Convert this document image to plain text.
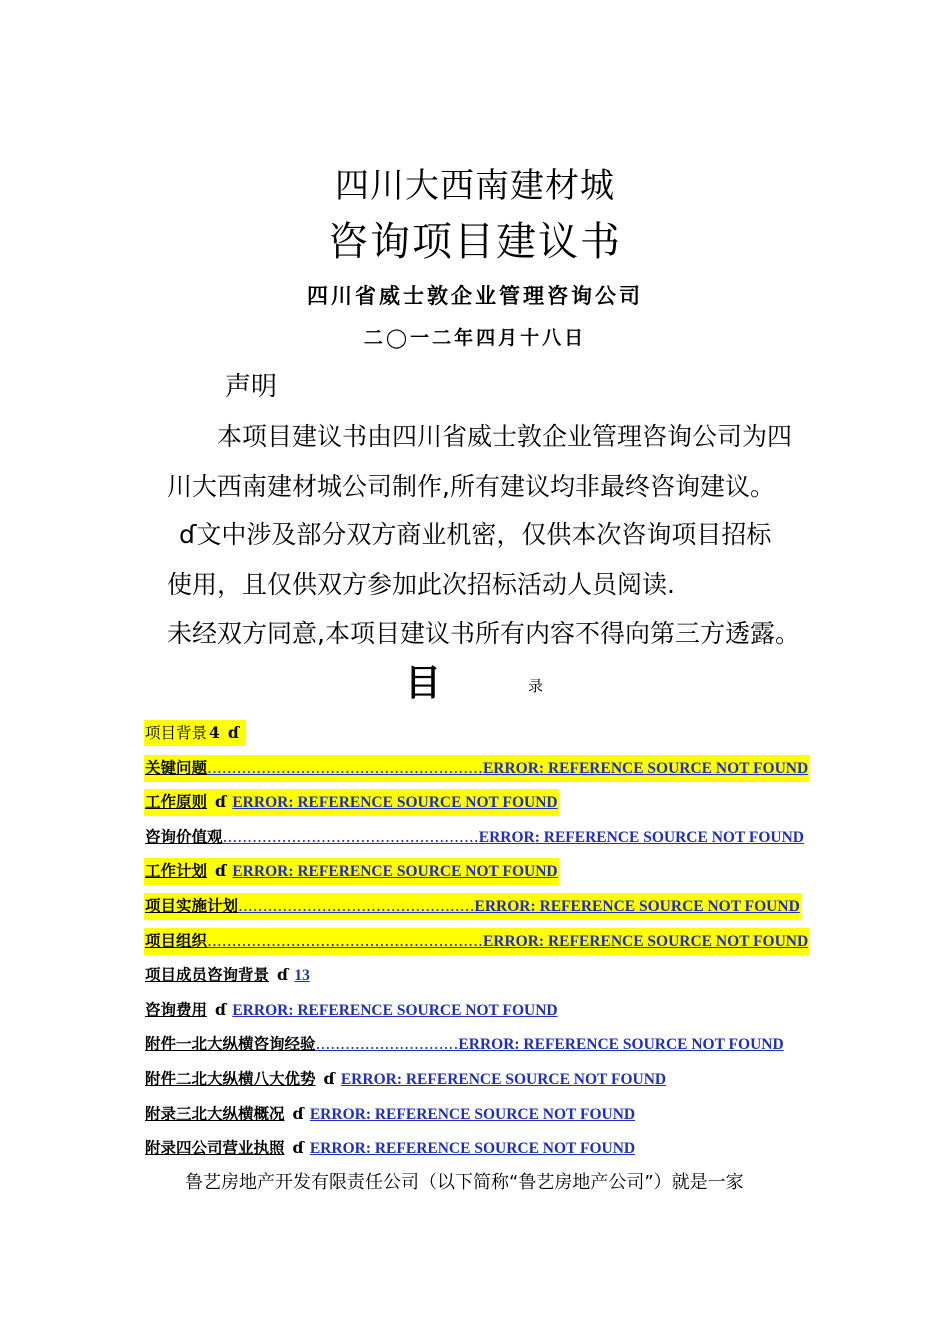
四川大西南建材城
咨询项目建议书
四川省威士敦企业管理咨询公司
二◯一二年四月十八日
声明
本项目建议书由四川省威士敦企业管理咨询公司为四
川大西南建材城公司制作,所有建议均非最终咨询建议。
ɗ文中涉及部分双方商业机密，仅供本次咨询项目招标
使用，且仅供双方参加此次招标活动人员阅读.
未经双方同意,本项目建议书所有内容不得向第三方透露。
目	录
项目背景 4 ɗ
关键问题........................................................ERROR: REFERENCE SOURCE NOT FOUND
工作原则 ɗ ERROR: REFERENCE SOURCE NOT FOUND
咨询价值观....................................................ERROR: REFERENCE SOURCE NOT FOUND
工作计划 ɗ ERROR: REFERENCE SOURCE NOT FOUND
项目实施计划................................................ERROR: REFERENCE SOURCE NOT FOUND
项目组织........................................................ERROR: REFERENCE SOURCE NOT FOUND
项目成员咨询背景 ɗ 13
咨询费用 ɗ ERROR: REFERENCE SOURCE NOT FOUND
附件一北大纵横咨询经验.............................ERROR: REFERENCE SOURCE NOT FOUND
附件二北大纵横八大优势 ɗ ERROR: REFERENCE SOURCE NOT FOUND
附录三北大纵横概况 ɗ ERROR: REFERENCE SOURCE NOT FOUND
附录四公司营业执照 ɗ ERROR: REFERENCE SOURCE NOT FOUND
鲁艺房地产开发有限责任公司（以下简称“鲁艺房地产公司”）就是一家
